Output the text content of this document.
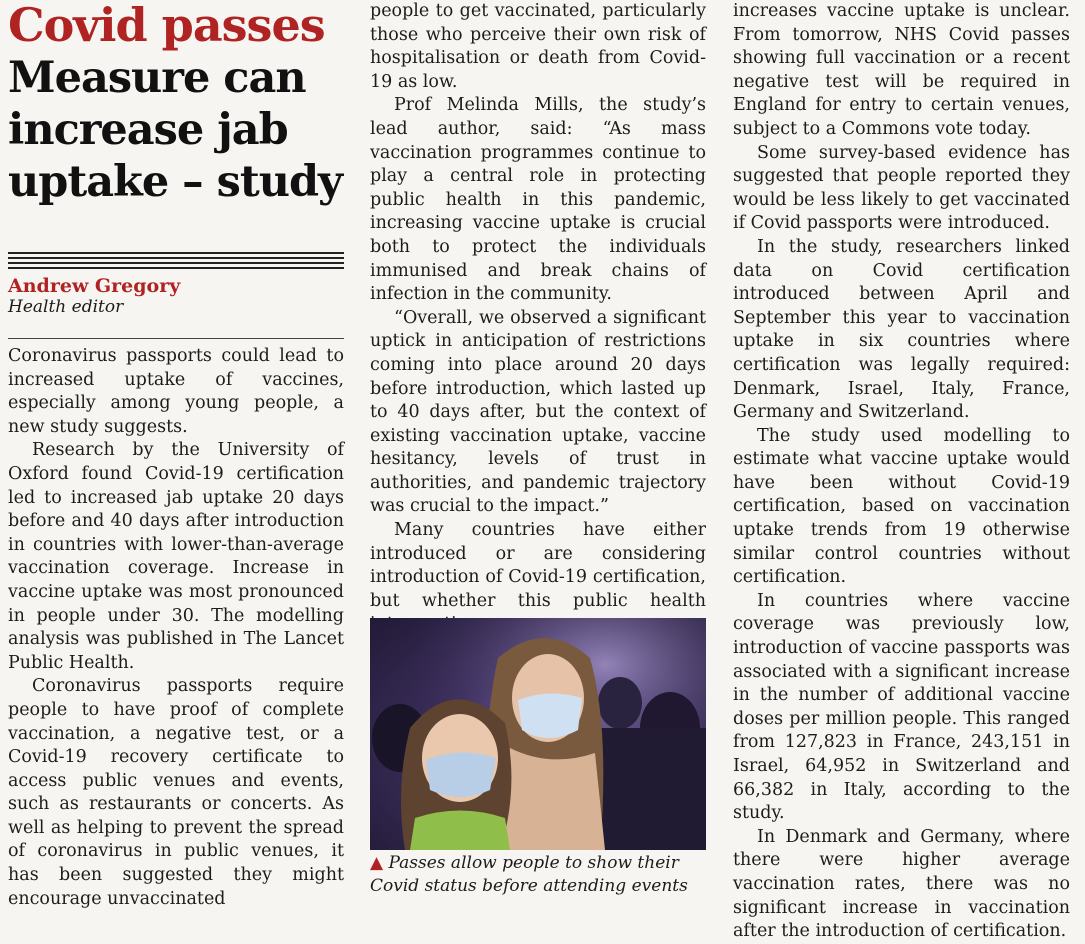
Covid passes
Measure can
increase jab
uptake – study
Andrew Gregory
Health editor

Coronavirus passports could lead to increased uptake of vaccines, especially among young people, a new study suggests.

Research by the University of Oxford found Covid-19 certification led to increased jab uptake 20 days before and 40 days after introduction in countries with lower-than-average vaccination coverage. Increase in vaccine uptake was most pronounced in people under 30. The modelling analysis was published in The Lancet Public Health.

Coronavirus passports require people to have proof of complete vaccination, a negative test, or a Covid-19 recovery certificate to access public venues and events, such as restaurants or concerts. As well as helping to prevent the spread of coronavirus in public venues, it has been suggested they might encourage unvaccinated

people to get vaccinated, particularly those who perceive their own risk of hospitalisation or death from Covid-19 as low.

Prof Melinda Mills, the study’s lead author, said: “As mass vaccination programmes continue to play a central role in protecting public health in this pandemic, increasing vaccine uptake is crucial both to protect the individuals immunised and break chains of infection in the community.

“Overall, we observed a significant uptick in anticipation of restrictions coming into place around 20 days before introduction, which lasted up to 40 days after, but the context of existing vaccination uptake, vaccine hesitancy, levels of trust in authorities, and pandemic trajectory was crucial to the impact.”

Many countries have either introduced or are considering introduction of Covid-19 certification, but whether this public health

▲ Passes allow people to show their Covid status before attending events

increases vaccine uptake is unclear. From tomorrow, NHS Covid passes showing full vaccination or a recent negative test will be required in England for entry to certain venues, subject to a Commons vote today.

Some survey-based evidence has suggested that people reported they would be less likely to get vaccinated if Covid passports were introduced.

In the study, researchers linked data on Covid certification introduced between April and September this year to vaccination uptake in six countries where certification was legally required: Denmark, Israel, Italy, France, Germany and Switzerland.

The study used modelling to estimate what vaccine uptake would have been without Covid-19 certification, based on vaccination uptake trends from 19 otherwise similar control countries without certification.

In countries where vaccine coverage was previously low, introduction of vaccine passports was associated with a significant increase in the number of additional vaccine doses per million people. This ranged from 127,823 in France, 243,151 in Israel, 64,952 in Switzerland and 66,382 in Italy, according to the study.

In Denmark and Germany, where there were higher average vaccination rates, there was no significant increase in vaccination after the introduction of certification.
